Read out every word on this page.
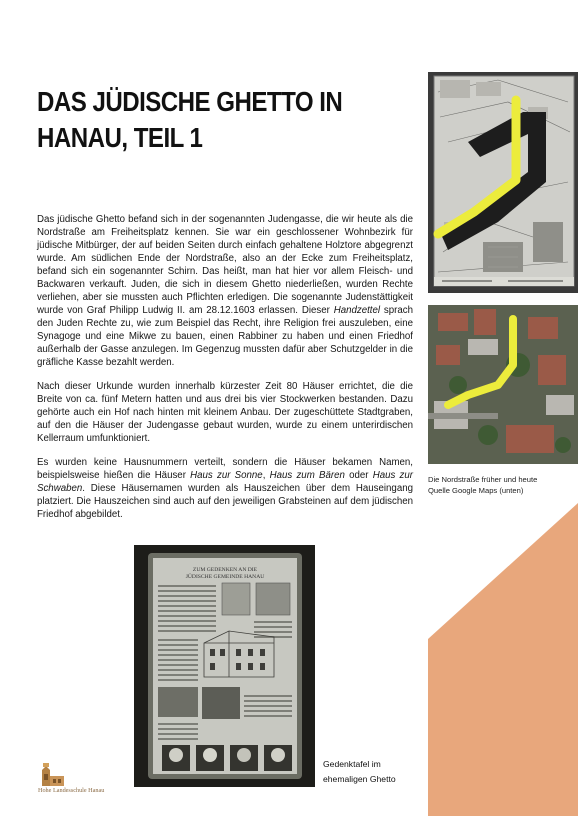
DAS JÜDISCHE GHETTO IN
HANAU, TEIL 1

Das jüdische Ghetto befand sich in der sogenannten Judengasse, die wir heute als die Nordstraße am Freiheitsplatz kennen. Sie war ein geschlossener Wohnbezirk für jüdische Mitbürger, der auf beiden Seiten durch einfach gehaltene Holztore abgegrenzt wurde. Am südlichen Ende der Nordstraße, also an der Ecke zum Freiheitsplatz, befand sich ein sogenannter Schirn. Das heißt, man hat hier vor allem Fleisch- und Backwaren verkauft. Juden, die sich in diesem Ghetto niederließen, wurden Rechte verliehen, aber sie mussten auch Pflichten erledigen. Die sogenannte Judenstättigkeit wurde von Graf Philipp Ludwig II. am 28.12.1603 erlassen. Dieser Handzettel sprach den Juden Rechte zu, wie zum Beispiel das Recht, ihre Religion frei auszuleben, eine Synagoge und eine Mikwe zu bauen, einen Rabbiner zu haben und einen Friedhof außerhalb der Gasse anzulegen. Im Gegenzug mussten dafür aber Schutzgelder in die gräfliche Kasse bezahlt werden.

Nach dieser Urkunde wurden innerhalb kürzester Zeit 80 Häuser errichtet, die die Breite von ca. fünf Metern hatten und aus drei bis vier Stockwerken bestanden. Dazu gehörte auch ein Hof nach hinten mit kleinem Anbau. Der zugeschüttete Stadtgraben, auf den die Häuser der Judengasse gebaut wurden, wurde zu einem unterirdischen Kellerraum umfunktioniert.

Es wurden keine Hausnummern verteilt, sondern die Häuser bekamen Namen, beispielsweise hießen die Häuser Haus zur Sonne, Haus zum Bären oder Haus zur Schwaben. Diese Häusernamen wurden als Hauszeichen über dem Hauseingang platziert. Die Hauszeichen sind auch auf den jeweiligen Grabsteinen auf dem jüdischen Friedhof abgebildet.

Die Nordstraße früher und heute
Quelle Google Maps (unten)
ZUM GEDENKEN AN DIE
JÜDISCHE GEMEINDE HANAU
Gedenktafel im
ehemaligen Ghetto
Hohe Landesschule Hanau
